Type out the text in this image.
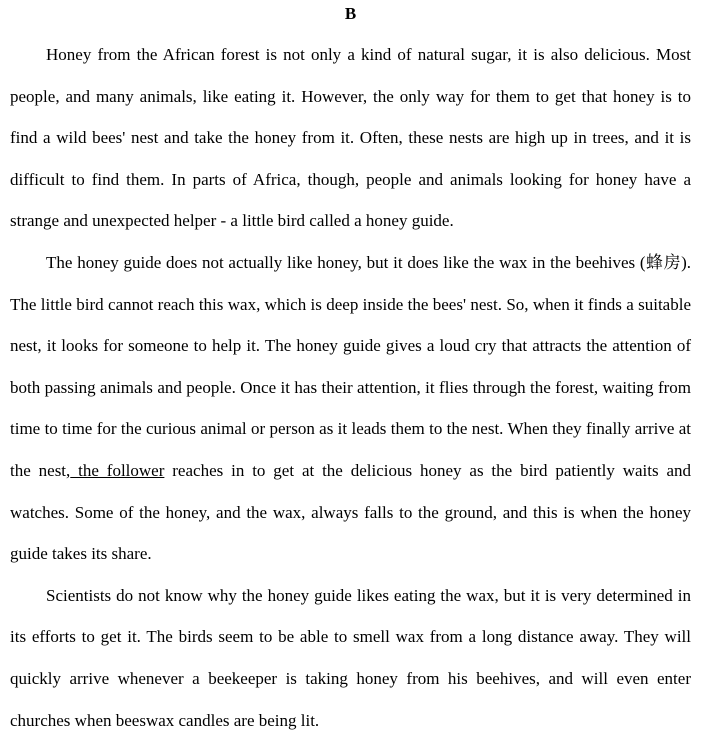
B

Honey from the African forest is not only a kind of natural sugar, it is also delicious. Most people, and many animals, like eating it. However, the only way for them to get that honey is to find a wild bees' nest and take the honey from it. Often, these nests are high up in trees, and it is difficult to find them. In parts of Africa, though, people and animals looking for honey have a strange and unexpected helper - a little bird called a honey guide.

The honey guide does not actually like honey, but it does like the wax in the beehives (蜂房). The little bird cannot reach this wax, which is deep inside the bees' nest. So, when it finds a suitable nest, it looks for someone to help it. The honey guide gives a loud cry that attracts the attention of both passing animals and people. Once it has their attention, it flies through the forest, waiting from time to time for the curious animal or person as it leads them to the nest. When they finally arrive at the nest, the follower reaches in to get at the delicious honey as the bird patiently waits and watches. Some of the honey, and the wax, always falls to the ground, and this is when the honey guide takes its share.

Scientists do not know why the honey guide likes eating the wax, but it is very determined in its efforts to get it. The birds seem to be able to smell wax from a long distance away. They will quickly arrive whenever a beekeeper is taking honey from his beehives, and will even enter churches when beeswax candles are being lit.
